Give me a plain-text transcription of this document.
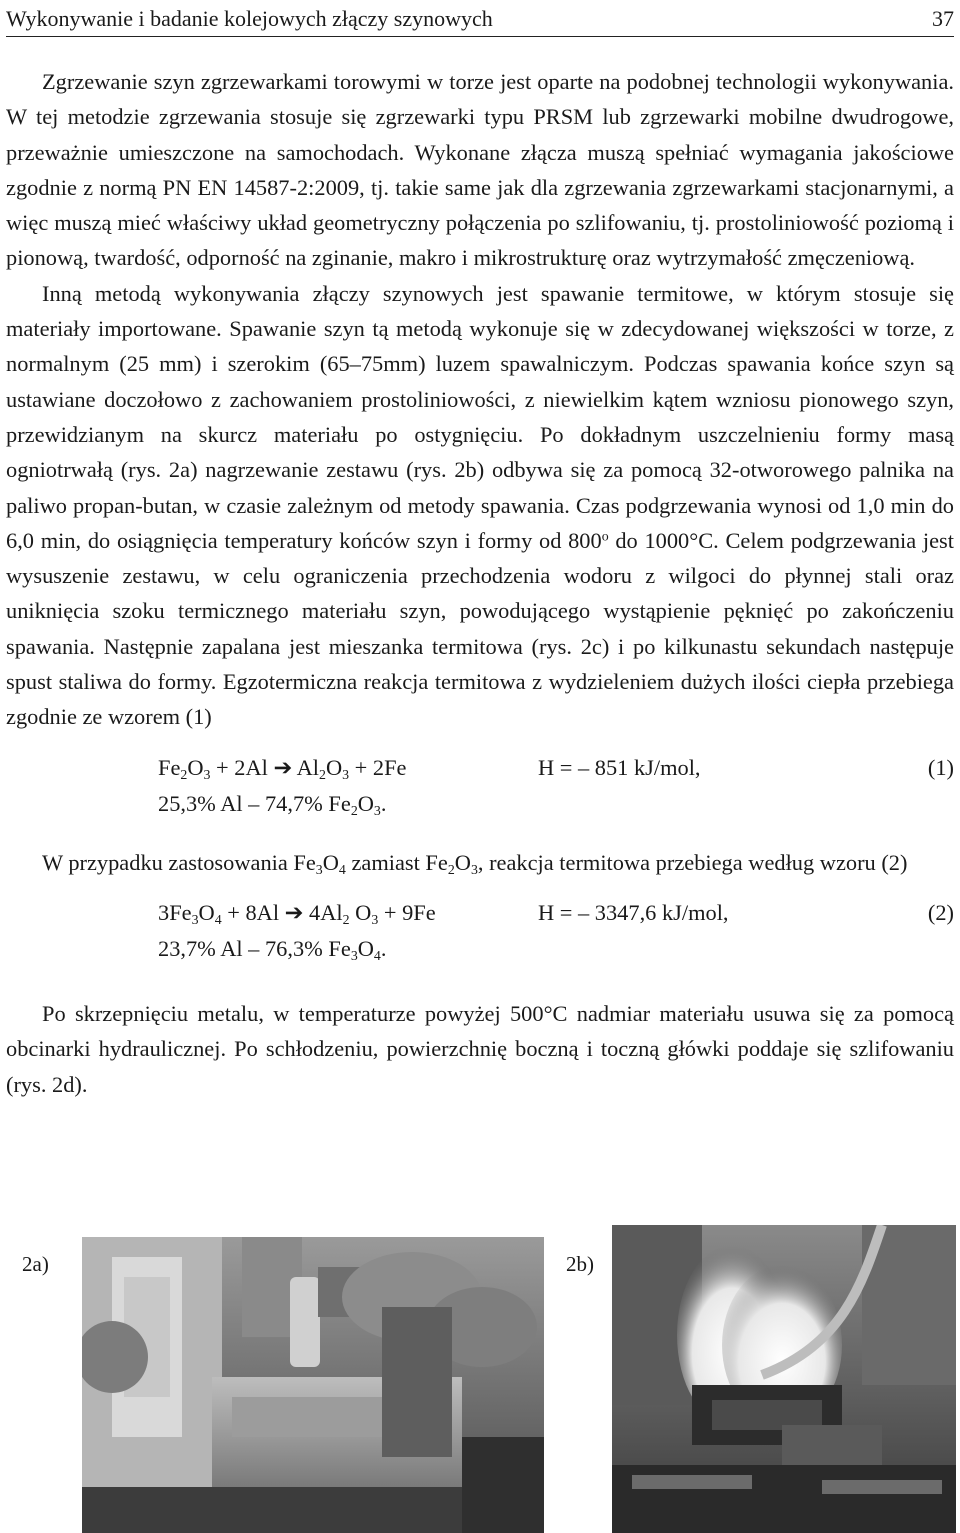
Wykonywanie i badanie kolejowych złączy szynowych	37

Zgrzewanie szyn zgrzewarkami torowymi w torze jest oparte na podobnej technologii wykonywania. W tej metodzie zgrzewania stosuje się zgrzewarki typu PRSM lub zgrzewarki mobilne dwudrogowe, przeważnie umieszczone na samochodach. Wykonane złącza muszą spełniać wymagania jakościowe zgodnie z normą PN EN 14587-2:2009, tj. takie same jak dla zgrzewania zgrzewarkami stacjonarnymi, a więc muszą mieć właściwy układ geometryczny połączenia po szlifowaniu, tj. prostoliniowość poziomą i pionową, twardość, odporność na zginanie, makro i mikrostrukturę oraz wytrzymałość zmęczeniową.

Inną metodą wykonywania złączy szynowych jest spawanie termitowe, w którym stosuje się materiały importowane. Spawanie szyn tą metodą wykonuje się w zdecydowanej większości w torze, z normalnym (25 mm) i szerokim (65–75mm) luzem spawalniczym. Podczas spawania końce szyn są ustawiane doczołowo z zachowaniem prostoliniowości, z niewielkim kątem wzniosu pionowego szyn, przewidzianym na skurcz materiału po ostygnięciu. Po dokładnym uszczelnieniu formy masą ogniotrwałą (rys. 2a) nagrzewanie zestawu (rys. 2b) odbywa się za pomocą 32-otworowego palnika na paliwo propan-butan, w czasie zależnym od metody spawania. Czas podgrzewania wynosi od 1,0 min do 6,0 min, do osiągnięcia temperatury końców szyn i formy od 800$^o$ do 1000°C. Celem podgrzewania jest wysuszenie zestawu, w celu ograniczenia przechodzenia wodoru z wilgoci do płynnej stali oraz uniknięcia szoku termicznego materiału szyn, powodującego wystąpienie pęknięć po zakończeniu spawania. Następnie zapalana jest mieszanka termitowa (rys. 2c) i po kilkunastu sekundach następuje spust staliwa do formy. Egzotermiczna reakcja termitowa z wydzieleniem dużych ilości ciepła przebiega zgodnie ze wzorem (1)

$Fe_2O_3 + 2Al$ ➔ $Al_2O_3 + 2Fe$	H = – 851 kJ/mol,	(1)
25,3% Al – 74,7% $Fe_2O_3$.

W przypadku zastosowania $Fe_3O_4$ zamiast $Fe_2O_3$, reakcja termitowa przebiega według wzoru (2)

$3Fe_3O_4 + 8Al$ ➔ $4Al_2$ $O_3 + 9Fe$	H = – 3347,6 kJ/mol,	(2)
23,7% Al – 76,3% $Fe_3O_4$.

Po skrzepnięciu metalu, w temperaturze powyżej 500°C nadmiar materiału usuwa się za pomocą obcinarki hydraulicznej. Po schłodzeniu, powierzchnię boczną i toczną główki poddaje się szlifowaniu (rys. 2d).

2a)	2b)
